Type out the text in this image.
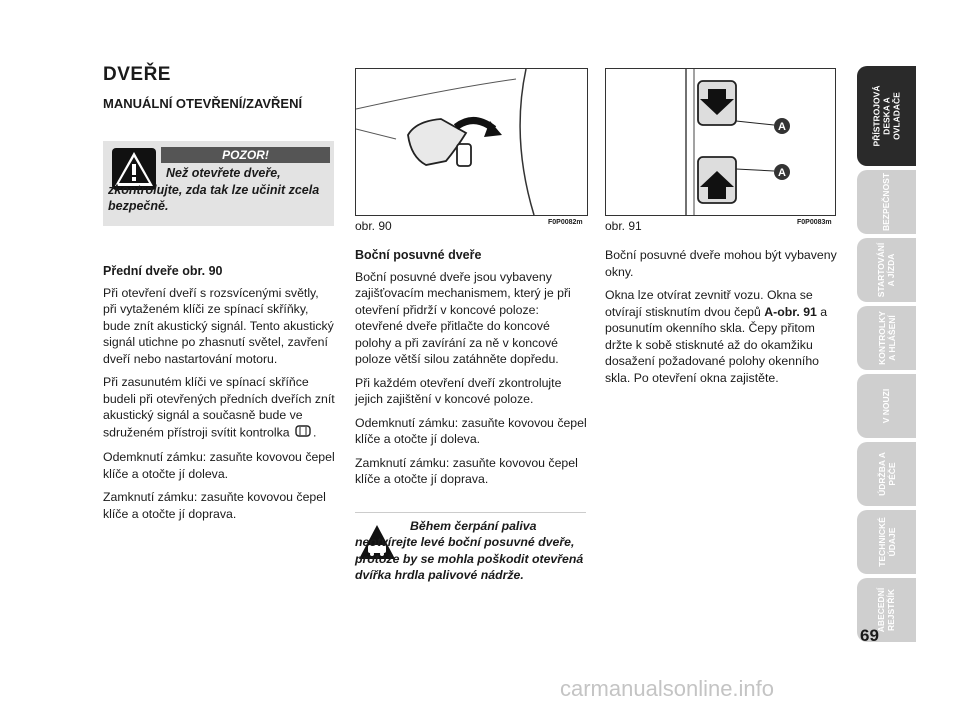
DVEŘE
MANUÁLNÍ OTEVŘENÍ/ZAVŘENÍ
POZOR!
Než otevřete dveře, zkontrolujte, zda tak lze učinit zcela bezpečně.
Přední dveře obr. 90

Při otevření dveří s rozsvícenými světly, při vytaženém klíči ze spínací skříňky, bude znít akustický signál. Tento akustický signál utichne po zhasnutí světel, zavření dveří nebo nastartování motoru.

Při zasunutém klíči ve spínací skříňce budeli při otevřených předních dveřích znít akustický signál a současně bude ve sdruženém přístroji svítit kontrolka .

Odemknutí zámku: zasuňte kovovou čepel klíče a otočte jí doleva.

Zamknutí zámku: zasuňte kovovou čepel klíče a otočte jí doprava.

obr. 90	F0P0082m
A
A
obr. 91	F0P0083m
Boční posuvné dveře

Boční posuvné dveře jsou vybaveny zajišťovacím mechanismem, který je při otevření přidrží v koncové poloze: otevřené dveře přitlačte do koncové polohy a při zavírání za ně v koncové poloze větší silou zatáhněte dopředu.

Při každém otevření dveří zkontrolujte jejich zajištění v koncové poloze.

Odemknutí zámku: zasuňte kovovou čepel klíče a otočte jí doleva.

Zamknutí zámku: zasuňte kovovou čepel klíče a otočte jí doprava.

Během čerpání paliva neotvírejte levé boční posuvné dveře, protože by se mohla poškodit otevřená dvířka hrdla palivové nádrže.

Boční posuvné dveře mohou být vybaveny okny.

Okna lze otvírat zevnitř vozu. Okna se otvírají stisknutím dvou čepů A-obr. 91 a posunutím okenního skla. Čepy přitom držte k sobě stisknuté až do okamžiku dosažení požadované polohy okenního skla. Po otevření okna zajistěte.

PŘÍSTROJOVÁ
DESKA A
OVLADAČE
BEZPEČNOST
STARTOVÁNÍ
A JÍZDA
KONTROLKY
A HLÁŠENÍ
V NOUZI
ÚDRŽBA A
PÉČE
TECHNICKÉ
ÚDAJE
ABECEDNÍ
REJSTŘÍK
69
carmanualsonline.info
